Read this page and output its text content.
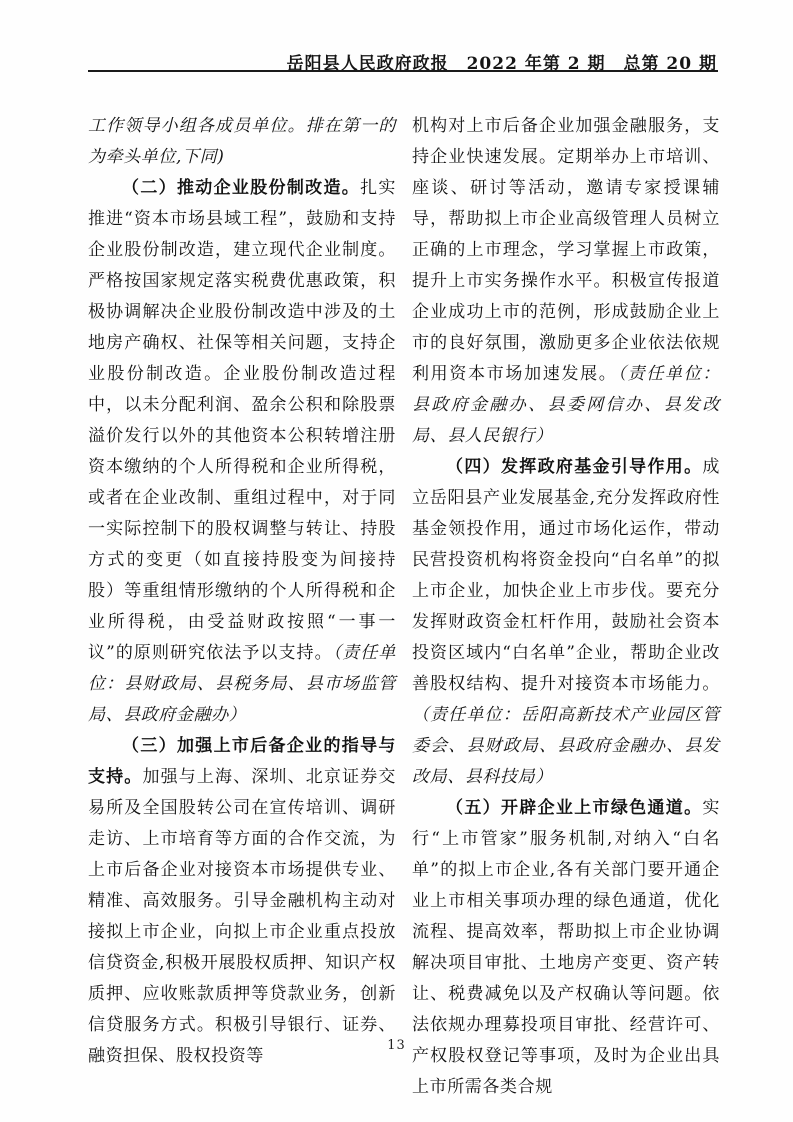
岳阳县人民政府政报　2022 年第 2 期　总第 20 期

工作领导小组各成员单位。排在第一的为牵头单位,下同)

（二）推动企业股份制改造。扎实推进“资本市场县域工程”，鼓励和支持企业股份制改造，建立现代企业制度。严格按国家规定落实税费优惠政策，积极协调解决企业股份制改造中涉及的土地房产确权、社保等相关问题，支持企业股份制改造。企业股份制改造过程中，以未分配利润、盈余公积和除股票溢价发行以外的其他资本公积转增注册资本缴纳的个人所得税和企业所得税，或者在企业改制、重组过程中，对于同一实际控制下的股权调整与转让、持股方式的变更（如直接持股变为间接持股）等重组情形缴纳的个人所得税和企业所得税，由受益财政按照“一事一议”的原则研究依法予以支持。（责任单位：县财政局、县税务局、县市场监管局、县政府金融办）

（三）加强上市后备企业的指导与支持。加强与上海、深圳、北京证券交易所及全国股转公司在宣传培训、调研走访、上市培育等方面的合作交流，为上市后备企业对接资本市场提供专业、精准、高效服务。引导金融机构主动对接拟上市企业，向拟上市企业重点投放信贷资金,积极开展股权质押、知识产权质押、应收账款质押等贷款业务，创新信贷服务方式。积极引导银行、证券、融资担保、股权投资等

机构对上市后备企业加强金融服务，支持企业快速发展。定期举办上市培训、座谈、研讨等活动，邀请专家授课辅导，帮助拟上市企业高级管理人员树立正确的上市理念，学习掌握上市政策，提升上市实务操作水平。积极宣传报道企业成功上市的范例，形成鼓励企业上市的良好氛围，激励更多企业依法依规利用资本市场加速发展。（责任单位：县政府金融办、县委网信办、县发改局、县人民银行）

（四）发挥政府基金引导作用。成立岳阳县产业发展基金,充分发挥政府性基金领投作用，通过市场化运作，带动民营投资机构将资金投向“白名单”的拟上市企业，加快企业上市步伐。要充分发挥财政资金杠杆作用，鼓励社会资本投资区域内“白名单”企业，帮助企业改善股权结构、提升对接资本市场能力。（责任单位：岳阳高新技术产业园区管委会、县财政局、县政府金融办、县发改局、县科技局）

（五）开辟企业上市绿色通道。实行“上市管家”服务机制,对纳入“白名单”的拟上市企业,各有关部门要开通企业上市相关事项办理的绿色通道，优化流程、提高效率，帮助拟上市企业协调解决项目审批、土地房产变更、资产转让、税费减免以及产权确认等问题。依法依规办理募投项目审批、经营许可、产权股权登记等事项，及时为企业出具上市所需各类合规

13
